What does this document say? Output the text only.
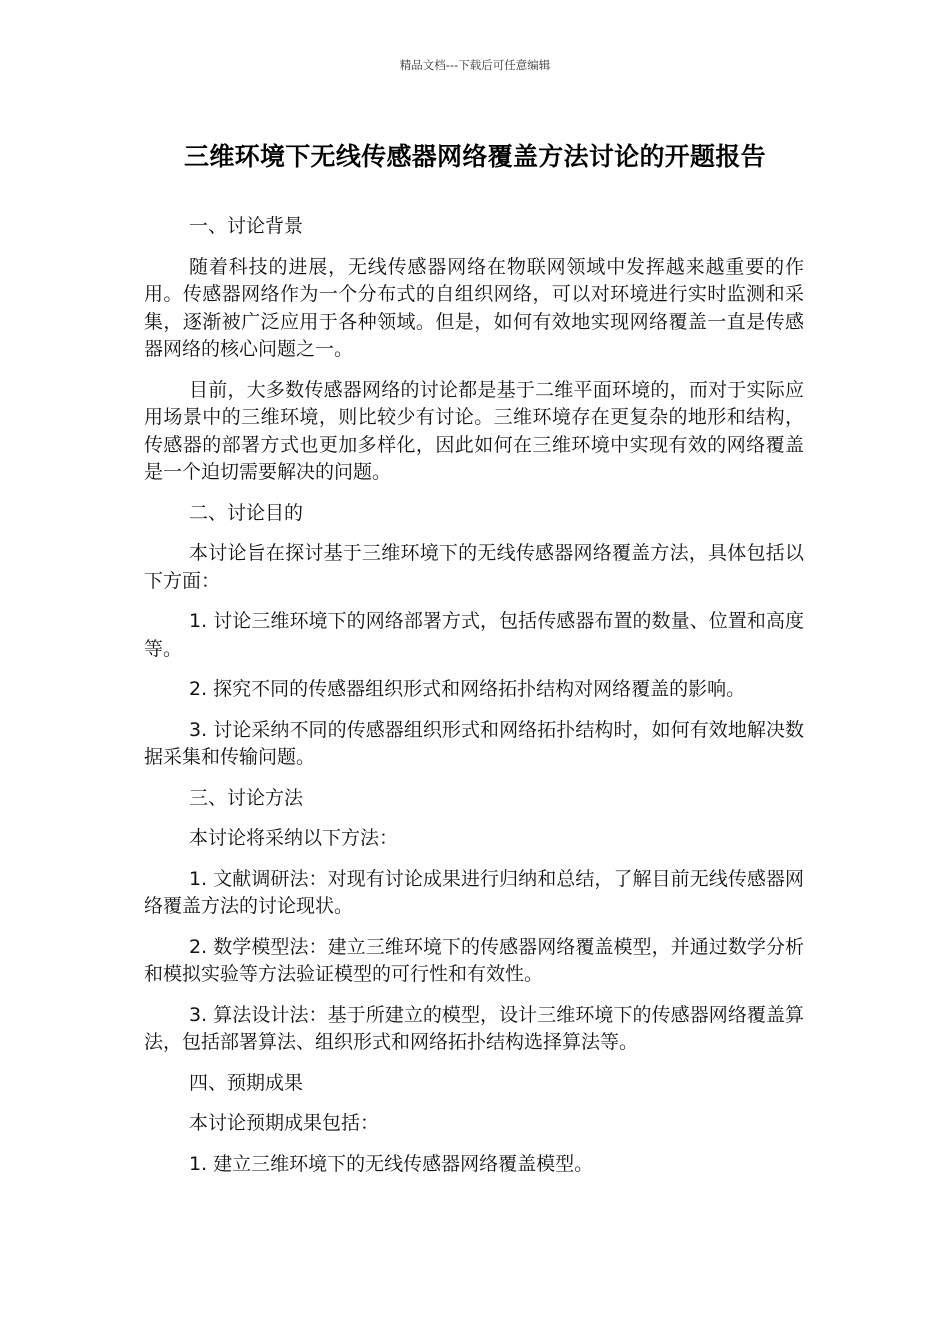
精品文档---下载后可任意编辑
三维环境下无线传感器网络覆盖方法讨论的开题报告

一、讨论背景

随着科技的进展，无线传感器网络在物联网领域中发挥越来越重要的作用。传感器网络作为一个分布式的自组织网络，可以对环境进行实时监测和采集，逐渐被广泛应用于各种领域。但是，如何有效地实现网络覆盖一直是传感器网络的核心问题之一。

目前，大多数传感器网络的讨论都是基于二维平面环境的，而对于实际应用场景中的三维环境，则比较少有讨论。三维环境存在更复杂的地形和结构，传感器的部署方式也更加多样化，因此如何在三维环境中实现有效的网络覆盖是一个迫切需要解决的问题。

二、讨论目的

本讨论旨在探讨基于三维环境下的无线传感器网络覆盖方法，具体包括以下方面：

1. 讨论三维环境下的网络部署方式，包括传感器布置的数量、位置和高度等。

2. 探究不同的传感器组织形式和网络拓扑结构对网络覆盖的影响。

3. 讨论采纳不同的传感器组织形式和网络拓扑结构时，如何有效地解决数据采集和传输问题。

三、讨论方法

本讨论将采纳以下方法：

1. 文献调研法：对现有讨论成果进行归纳和总结，了解目前无线传感器网络覆盖方法的讨论现状。

2. 数学模型法：建立三维环境下的传感器网络覆盖模型，并通过数学分析和模拟实验等方法验证模型的可行性和有效性。

3. 算法设计法：基于所建立的模型，设计三维环境下的传感器网络覆盖算法，包括部署算法、组织形式和网络拓扑结构选择算法等。

四、预期成果

本讨论预期成果包括：

1. 建立三维环境下的无线传感器网络覆盖模型。
